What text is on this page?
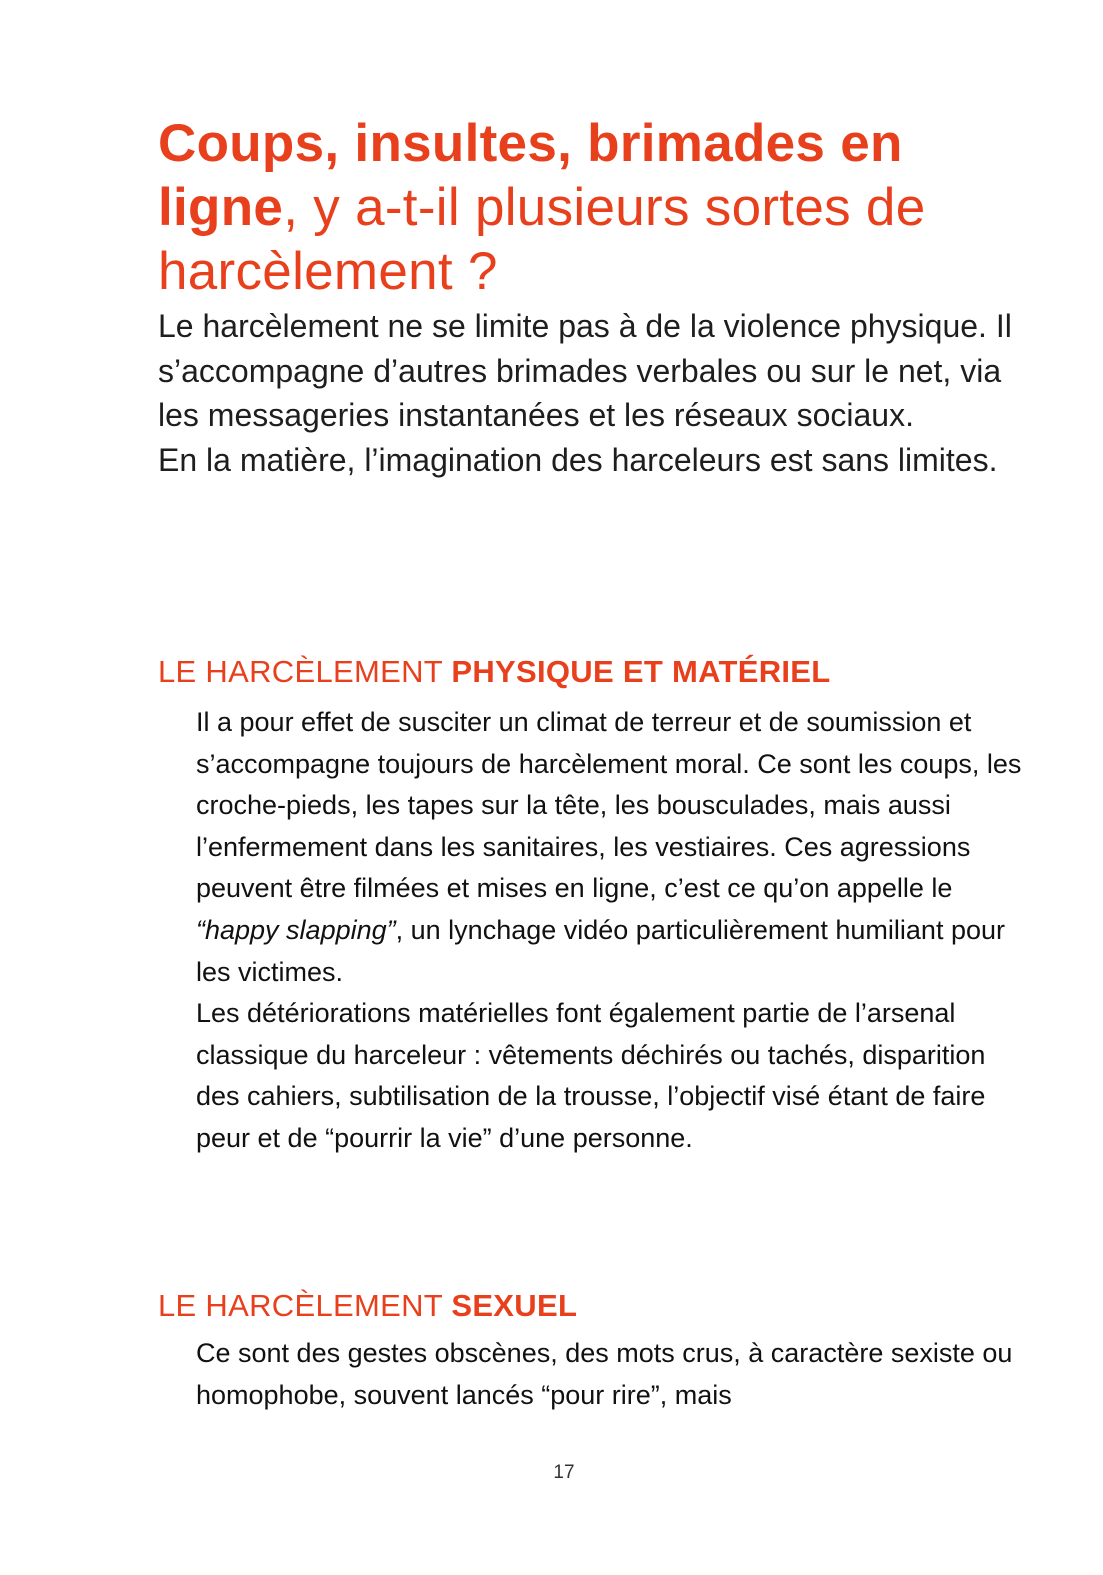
Coups, insultes, brimades en ligne, y a-t-il plusieurs sortes de harcèlement ?

Le harcèlement ne se limite pas à de la violence physique. Il s’accompagne d’autres brimades verbales ou sur le net, via les messageries instantanées et les réseaux sociaux.

En la matière, l’imagination des harceleurs est sans limites.

LE HARCÈLEMENT PHYSIQUE ET MATÉRIEL

Il a pour effet de susciter un climat de terreur et de soumission et s’accompagne toujours de harcèlement moral. Ce sont les coups, les croche-pieds, les tapes sur la tête, les bousculades, mais aussi l’enfermement dans les sanitaires, les vestiaires. Ces agressions peuvent être filmées et mises en ligne, c’est ce qu’on appelle le “happy slapping”, un lynchage vidéo particulièrement humiliant pour les victimes.

Les détériorations matérielles font également partie de l’arsenal classique du harceleur : vêtements déchirés ou tachés, disparition des cahiers, subtilisation de la trousse, l’objectif visé étant de faire peur et de “pourrir la vie” d’une personne.

LE HARCÈLEMENT SEXUEL

Ce sont des gestes obscènes, des mots crus, à caractère sexiste ou homophobe, souvent lancés “pour rire”, mais

17
